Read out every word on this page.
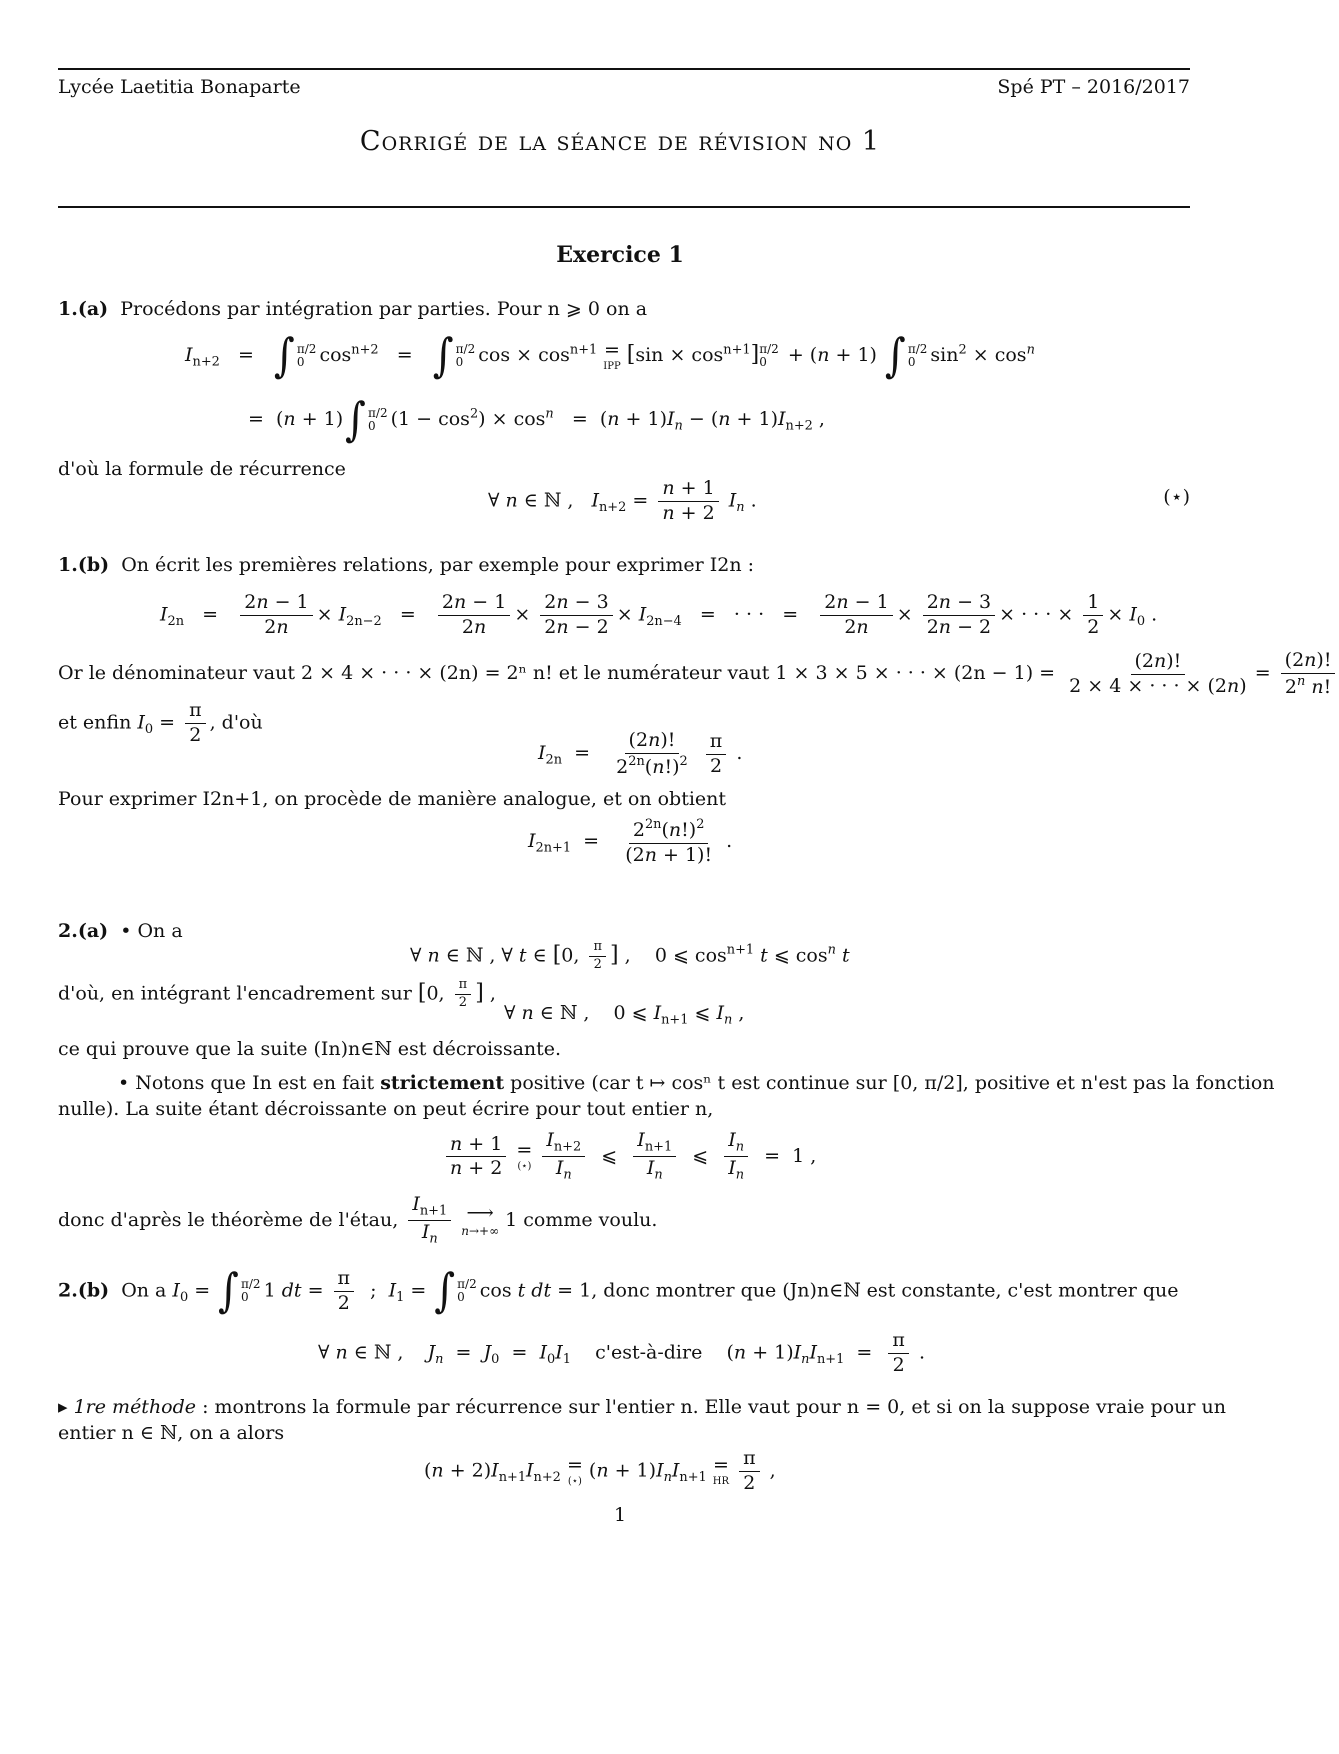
Lycée Laetitia Bonaparte	Spé PT – 2016/2017
Corrigé de la séance de révision no 1
Exercice 1
1.(a) Procédons par intégration par parties. Pour n ⩾ 0 on a
$I_{n+2}$   =   ∫ π/2
0 $\cos^{n+2}$   =   ∫ π/2
0 $\cos \times \cos^{n+1}$ =
IPP $[\sin \times \cos^{n+1}]$ π/2
0 + (n + 1) ∫ π/2
0 $\sin^2 \times \cos^n$
=  (n + 1)∫ π/2
0 $(1 - \cos^2) \times \cos^n = (n + 1)I_n - (n + 1)I_{n+2}$ ,
d'où la formule de récurrence
∀ n ∈ ℕ ,   $I_{n+2} = \frac{n + 1}{n + 2} I_n$ .	(⋆)
1.(b) On écrit les premières relations, par exemple pour exprimer I2n :
$I_{2n} = \frac{2n - 1}{2n} \times I_{2n-2} = \frac{2n - 1}{2n} \times \frac{2n - 3}{2n - 2} \times I_{2n-4}$   =   · · ·   = $\frac{2n - 1}{2n} \times \frac{2n - 3}{2n - 2}$ × · · · × $\frac{1}{2} \times I_0$ .
Or le dénominateur vaut 2 × 4 × · · · × (2n) = 2ⁿ n! et le numérateur vaut 1 × 3 × 5 × · · · × $(2n - 1) = \frac{(2n)!}{2 \times 4 \times \cdot \cdot \cdot \times (2n)} = \frac{(2n)!}{2^n n!}$
et enfin $I_0 = \frac{\pi}{2}$ , d'où
$I_{2n} = \frac{(2n)!}{2^{2n}(n!)^2}$
$\frac{\pi}{2}$ .
Pour exprimer I2n+1, on procède de manière analogue, et on obtient
$I_{2n+1} = \frac{2^{2n}(n!)^2}{(2n + 1)!}$ .
2.(a) • On a
∀ n ∈ ℕ , ∀ t ∈ [0, $\frac{\pi}{2}$ ] ,    0 ⩽ $\cos^{n+1} t$ ⩽ $\cos^n t$
d'où, en intégrant l'encadrement sur [0, $\frac{\pi}{2}$ ] ,
∀ n ∈ ℕ ,    0 ⩽ $I_{n+1}$ ⩽ $I_n$ ,
ce qui prouve que la suite (In)n∈ℕ est décroissante.
• Notons que In est en fait strictement positive (car t ↦ cosⁿ t est continue sur [0, π/2], positive et n'est pas la fonction
nulle). La suite étant décroissante on peut écrire pour tout entier n,
$\frac{n + 1}{n + 2}$
=
(⋆)
$\frac{I_{n+2}}{I_n}$ ⩽ $\frac{I_{n+1}}{I_n}$ ⩽ $\frac{I_n}{I_n} = 1$ ,
donc d'après le théorème de l'étau, $\frac{I_{n+1}}{I_n}$
⟶
n→+∞
1 comme voulu.
2.(b)  On a $I_0$ = ∫ π/2
0 1 dt = $\frac{\pi}{2}$ ;  $I_1$ = ∫ π/2
0 cos t dt = 1, donc montrer que (Jn)n∈ℕ est constante, c'est montrer que
∀ n ∈ ℕ ,    $J_n = J_0 = I_0I_1$ c'est-à-dire    $(n + 1)I_nI_{n+1} = \frac{\pi}{2}$ .
▸ 1re méthode : montrons la formule par récurrence sur l'entier n. Elle vaut pour n = 0, et si on la suppose vraie pour un
entier n ∈ ℕ, on a alors
$(n + 2)I_{n+1}I_{n+2}$
=
(⋆) $(n + 1)I_nI_{n+1}$
=
HR
$\frac{\pi}{2}$ ,
1
